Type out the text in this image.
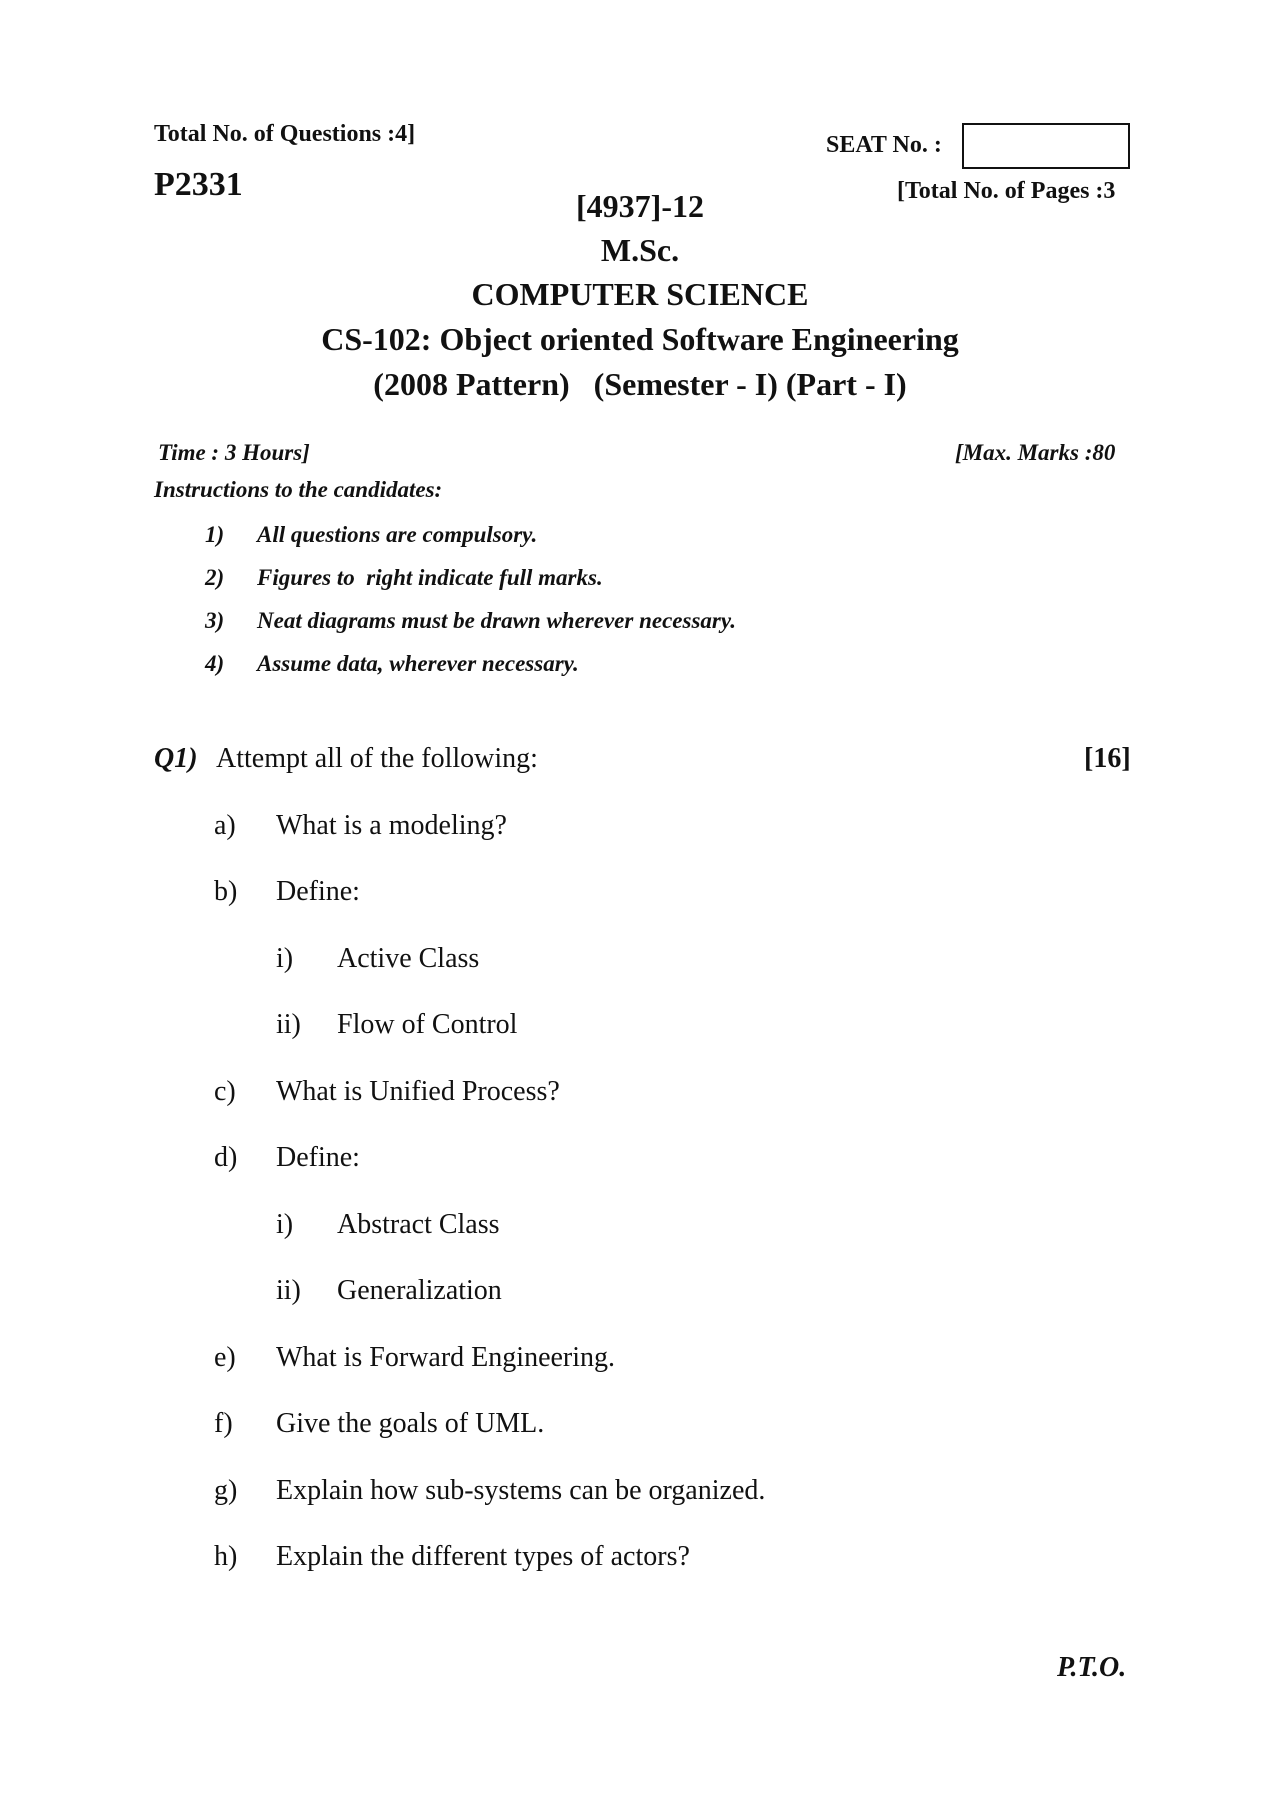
Total No. of Questions :4]
P2331
SEAT No. :
[Total No. of Pages :3
[4937]-12
M.Sc.
COMPUTER SCIENCE
CS-102: Object oriented Software Engineering
(2008 Pattern)   (Semester - I) (Part - I)
Time : 3 Hours]	[Max. Marks :80
Instructions to the candidates:
1) All questions are compulsory.
2) Figures to  right indicate full marks.
3) Neat diagrams must be drawn wherever necessary.
4) Assume data, wherever necessary.
Q1) Attempt all of the following:	[16]
a) What is a modeling?
b) Define:
i) Active Class
ii) Flow of Control
c) What is Unified Process?
d) Define:
i) Abstract Class
ii) Generalization
e) What is Forward Engineering.
f) Give the goals of UML.
g) Explain how sub-systems can be organized.
h) Explain the different types of actors?
P.T.O.
